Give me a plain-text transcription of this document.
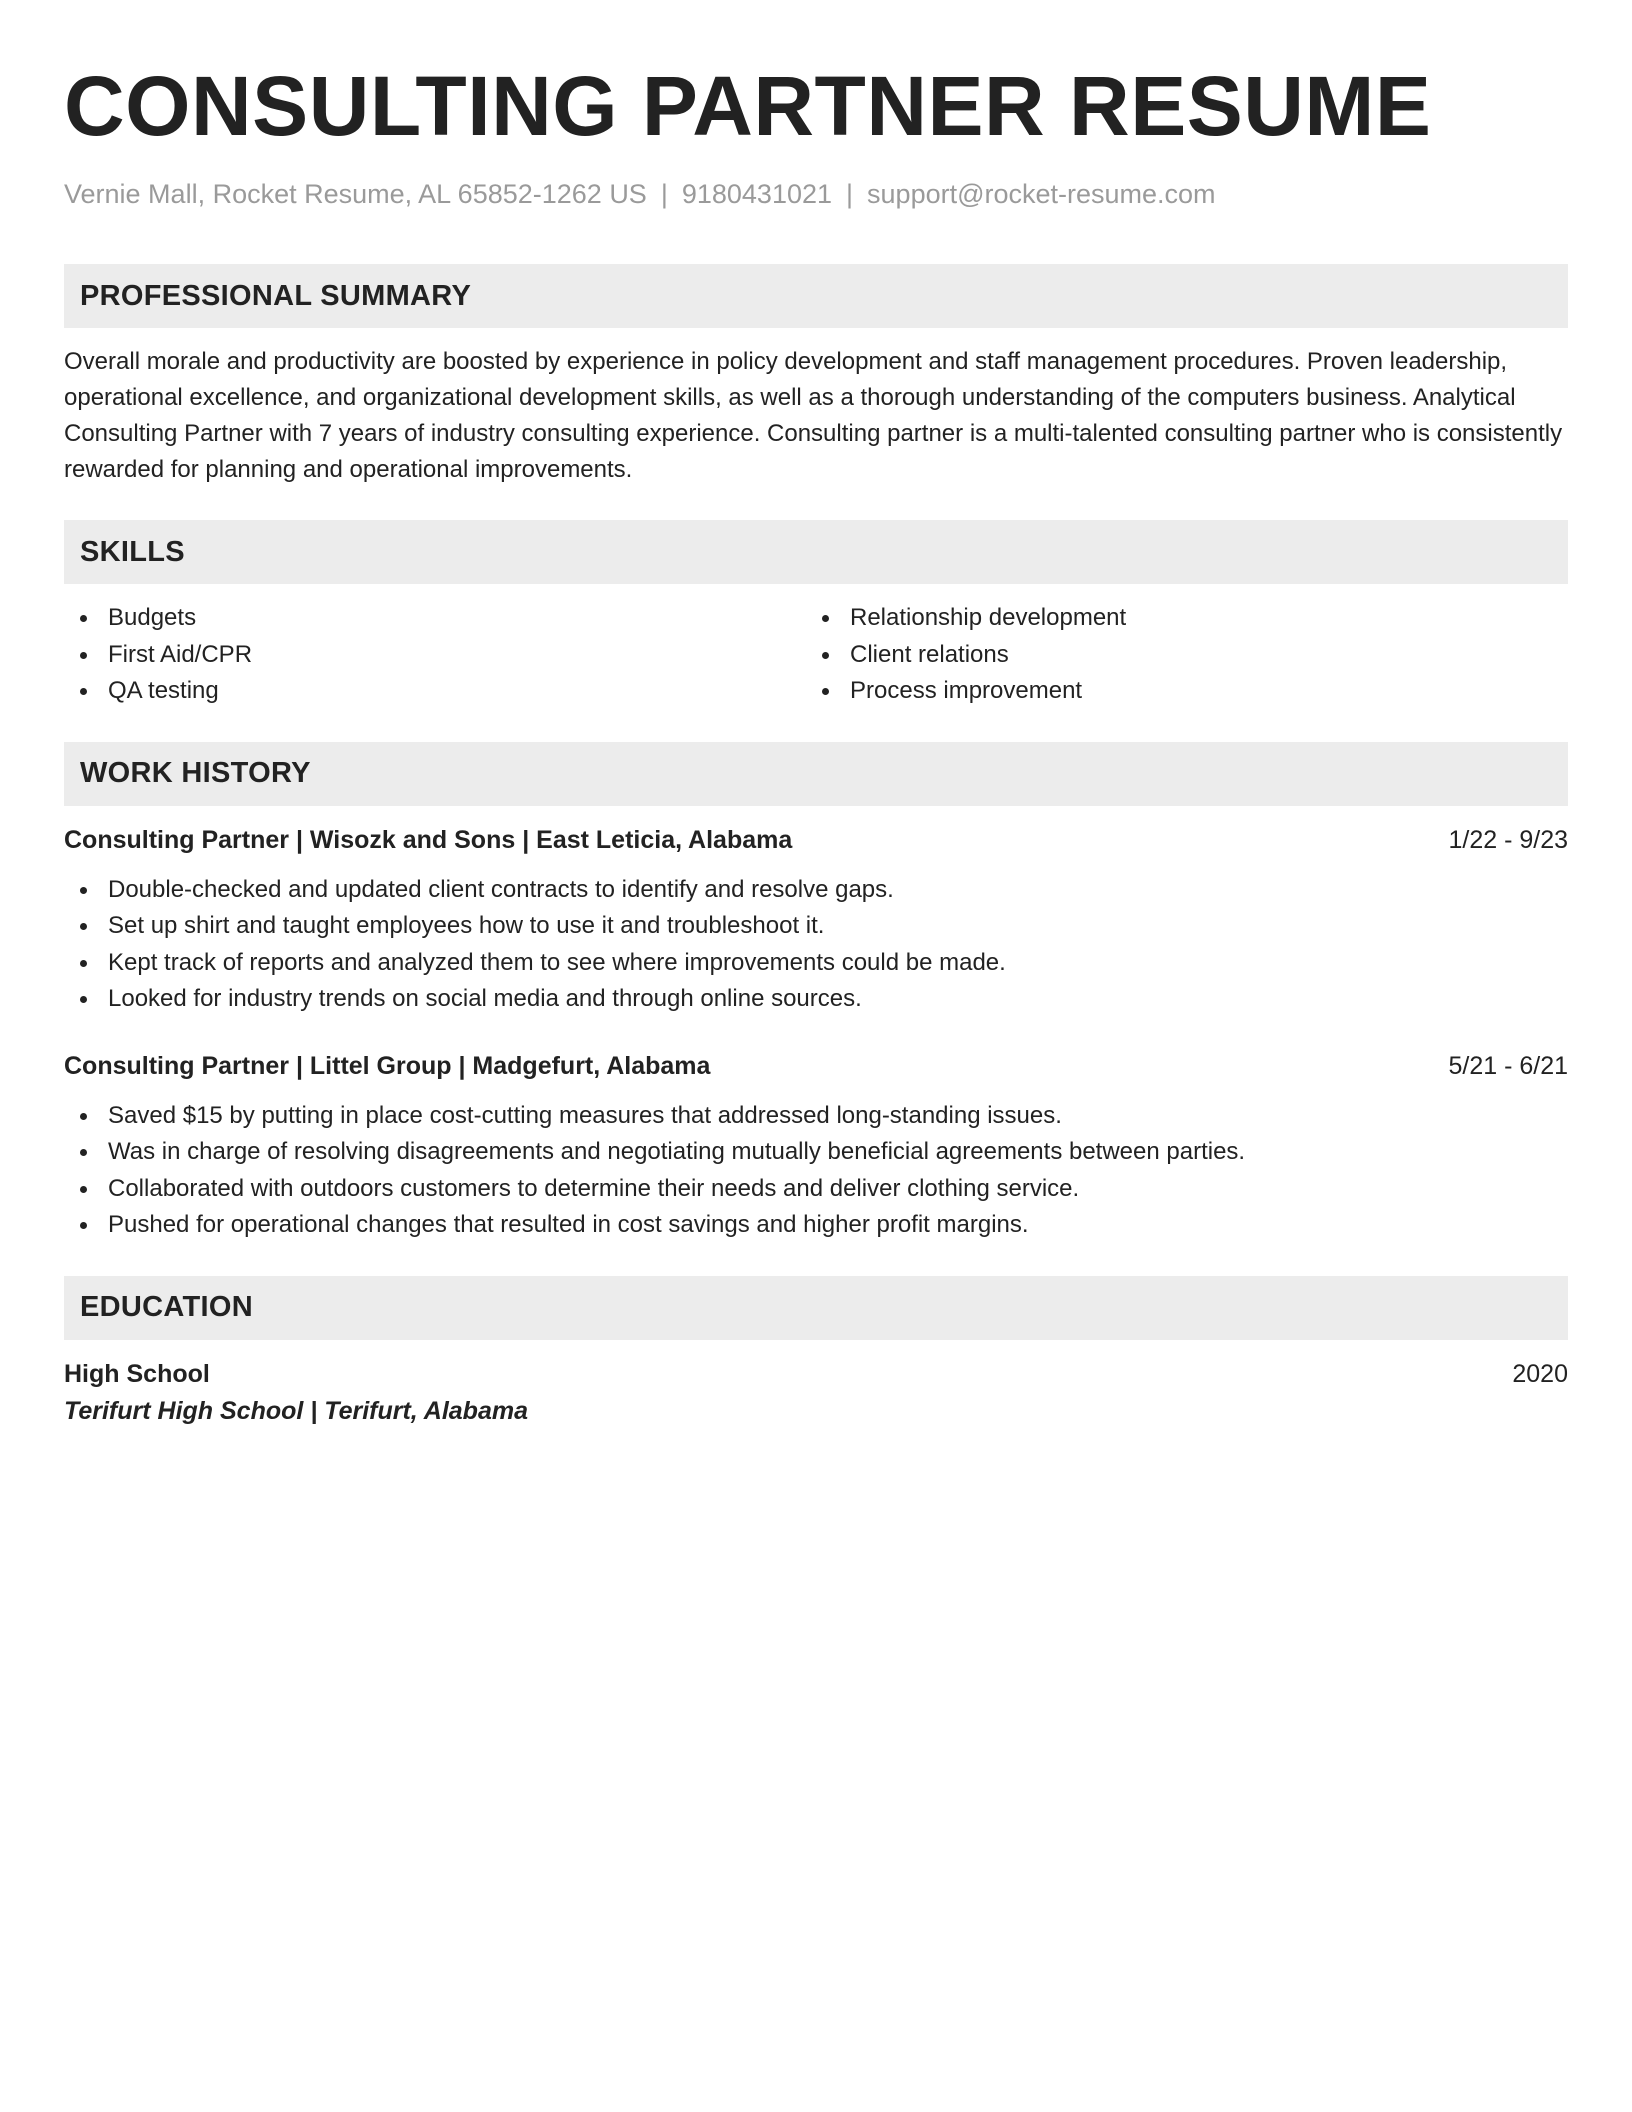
CONSULTING PARTNER RESUME
Vernie Mall, Rocket Resume, AL 65852-1262 US | 9180431021 | support@rocket-resume.com
PROFESSIONAL SUMMARY
Overall morale and productivity are boosted by experience in policy development and staff management procedures. Proven leadership, operational excellence, and organizational development skills, as well as a thorough understanding of the computers business. Analytical Consulting Partner with 7 years of industry consulting experience. Consulting partner is a multi-talented consulting partner who is consistently rewarded for planning and operational improvements.
SKILLS
Budgets
First Aid/CPR
QA testing
Relationship development
Client relations
Process improvement
WORK HISTORY
Consulting Partner | Wisozk and Sons | East Leticia, Alabama	1/22 - 9/23
Double-checked and updated client contracts to identify and resolve gaps.
Set up shirt and taught employees how to use it and troubleshoot it.
Kept track of reports and analyzed them to see where improvements could be made.
Looked for industry trends on social media and through online sources.
Consulting Partner | Littel Group | Madgefurt, Alabama	5/21 - 6/21
Saved $15 by putting in place cost-cutting measures that addressed long-standing issues.
Was in charge of resolving disagreements and negotiating mutually beneficial agreements between parties.
Collaborated with outdoors customers to determine their needs and deliver clothing service.
Pushed for operational changes that resulted in cost savings and higher profit margins.
EDUCATION
High School	2020
Terifurt High School | Terifurt, Alabama
